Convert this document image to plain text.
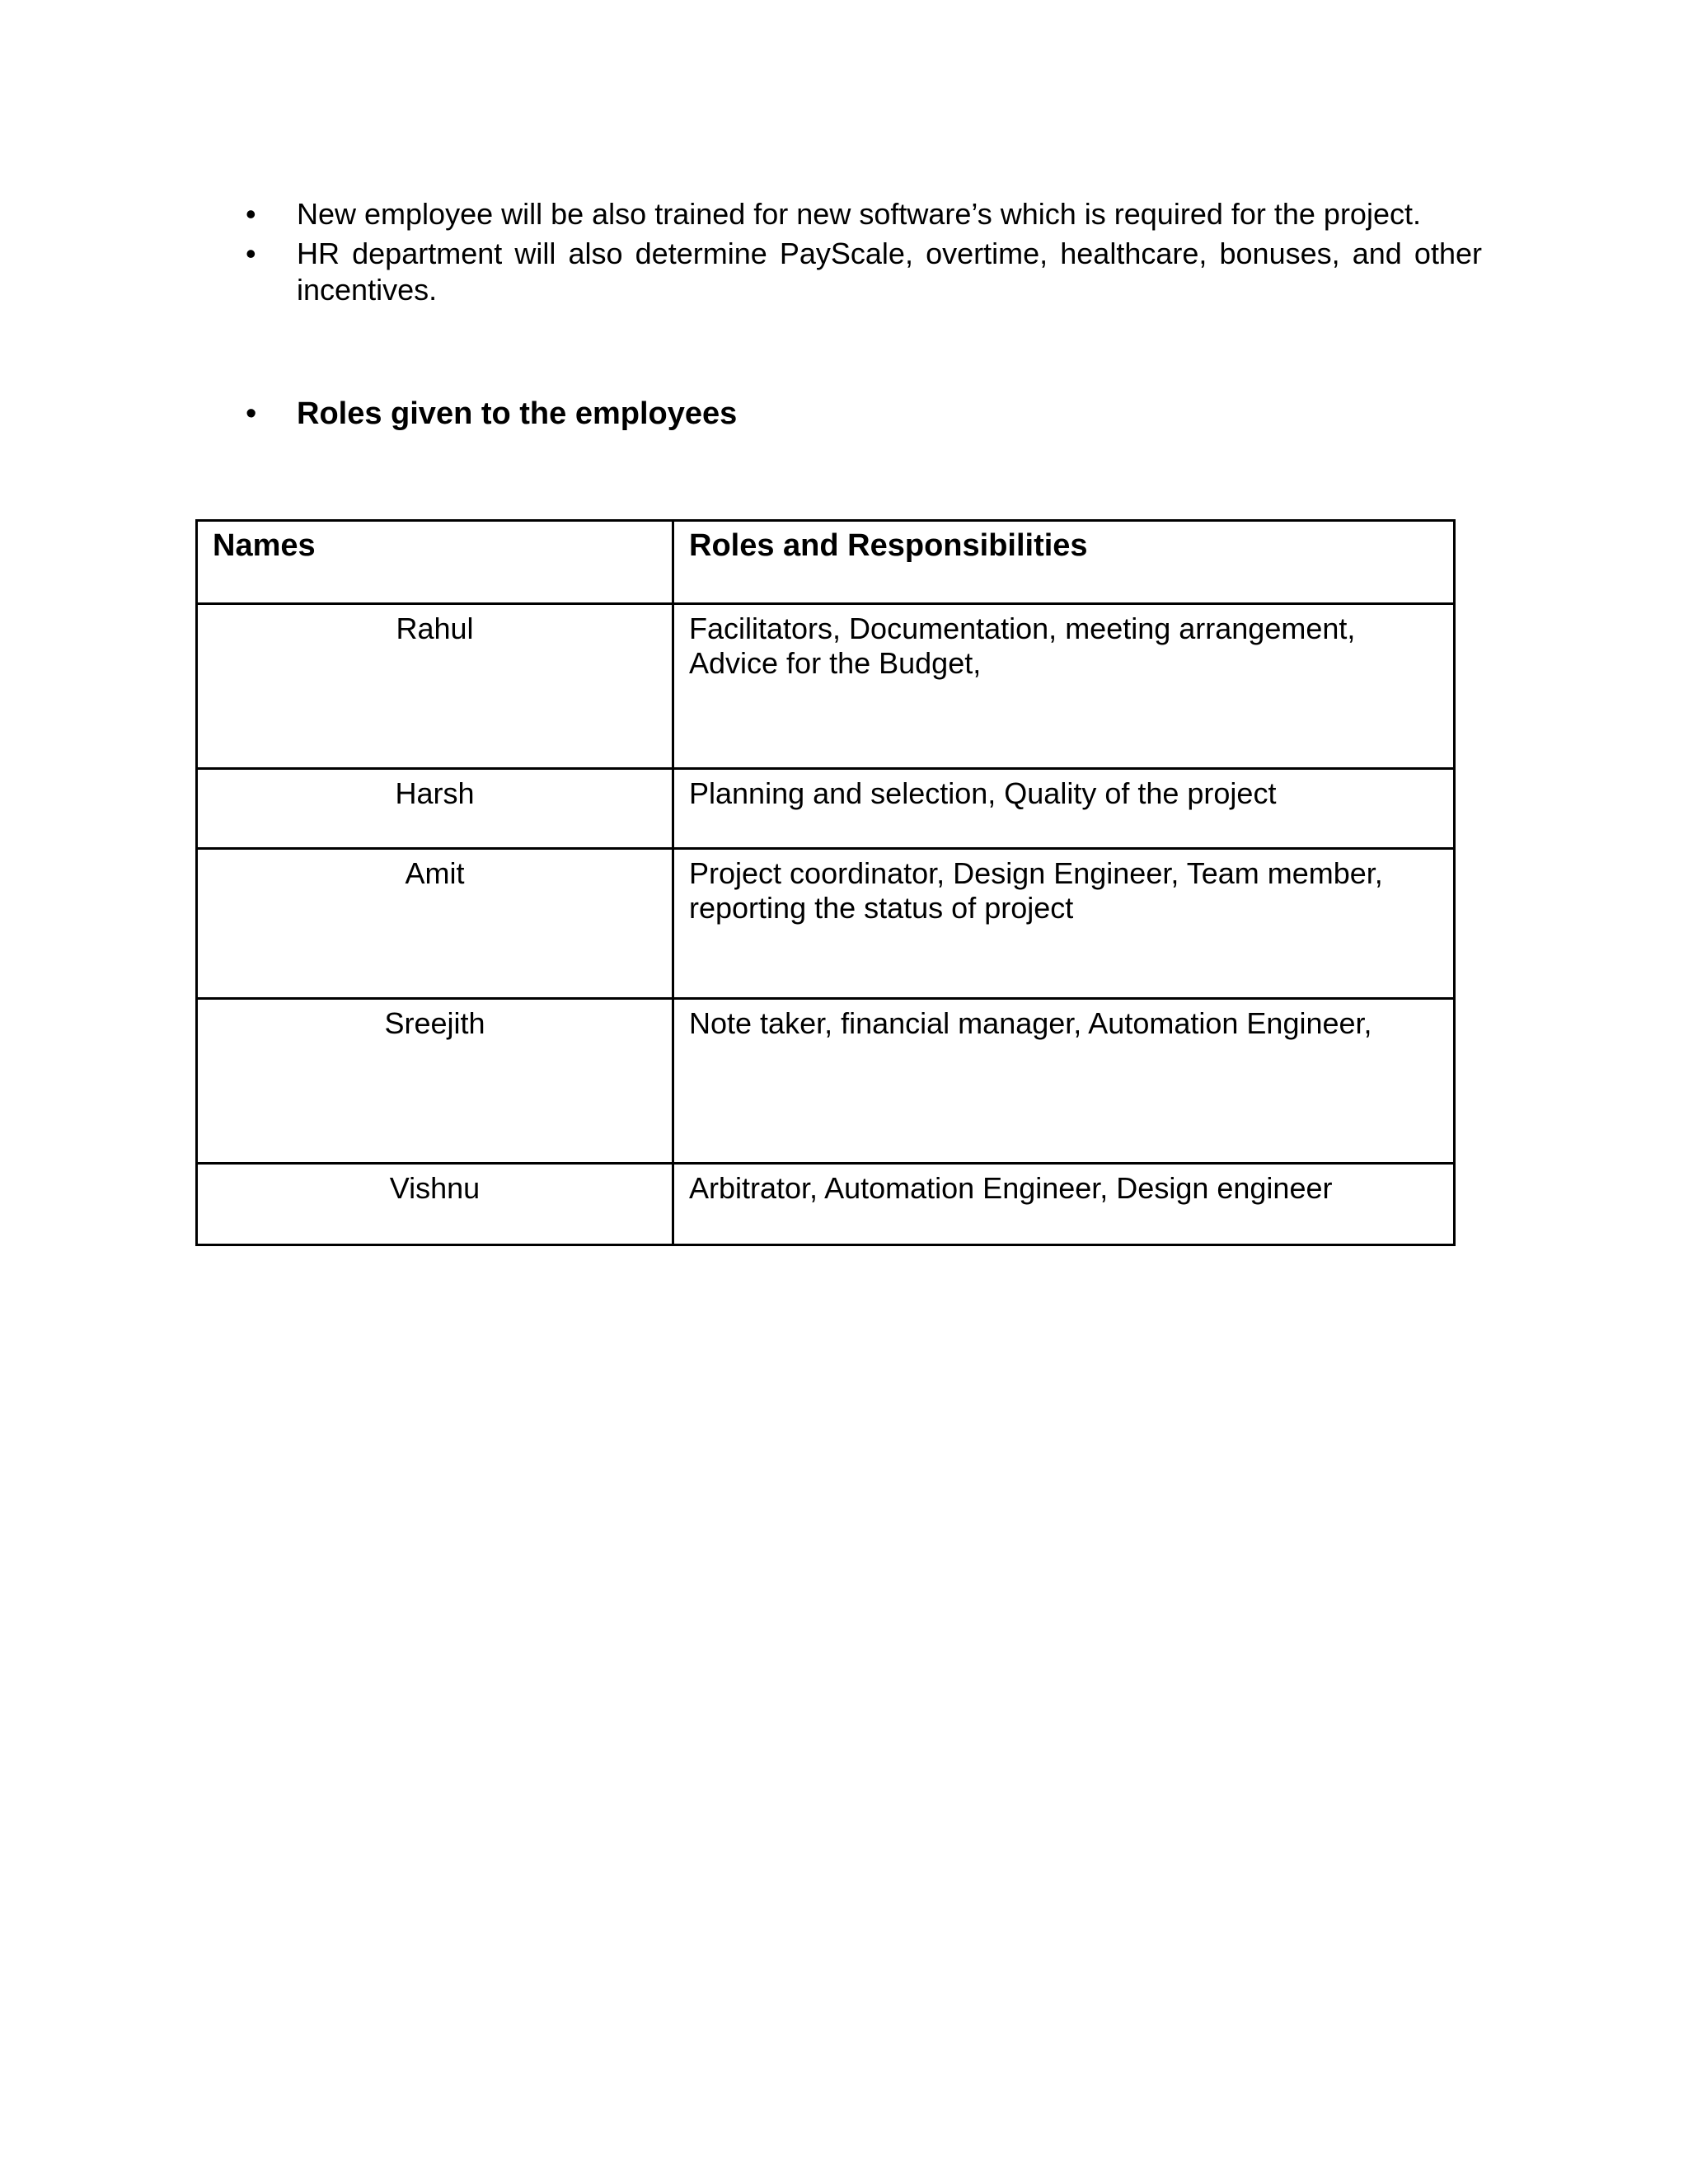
•	New employee will be also trained for new software’s which is required for the project.
•	HR department will also determine PayScale, overtime, healthcare, bonuses, and other incentives.
•	Roles given to the employees
Names	Roles and Responsibilities
Rahul	Facilitators, Documentation, meeting arrangement, Advice for the Budget,
Harsh	Planning and selection, Quality of the project
Amit	Project coordinator, Design Engineer, Team member, reporting the status of project
Sreejith	Note taker, financial manager, Automation Engineer,
Vishnu	Arbitrator, Automation Engineer, Design engineer
